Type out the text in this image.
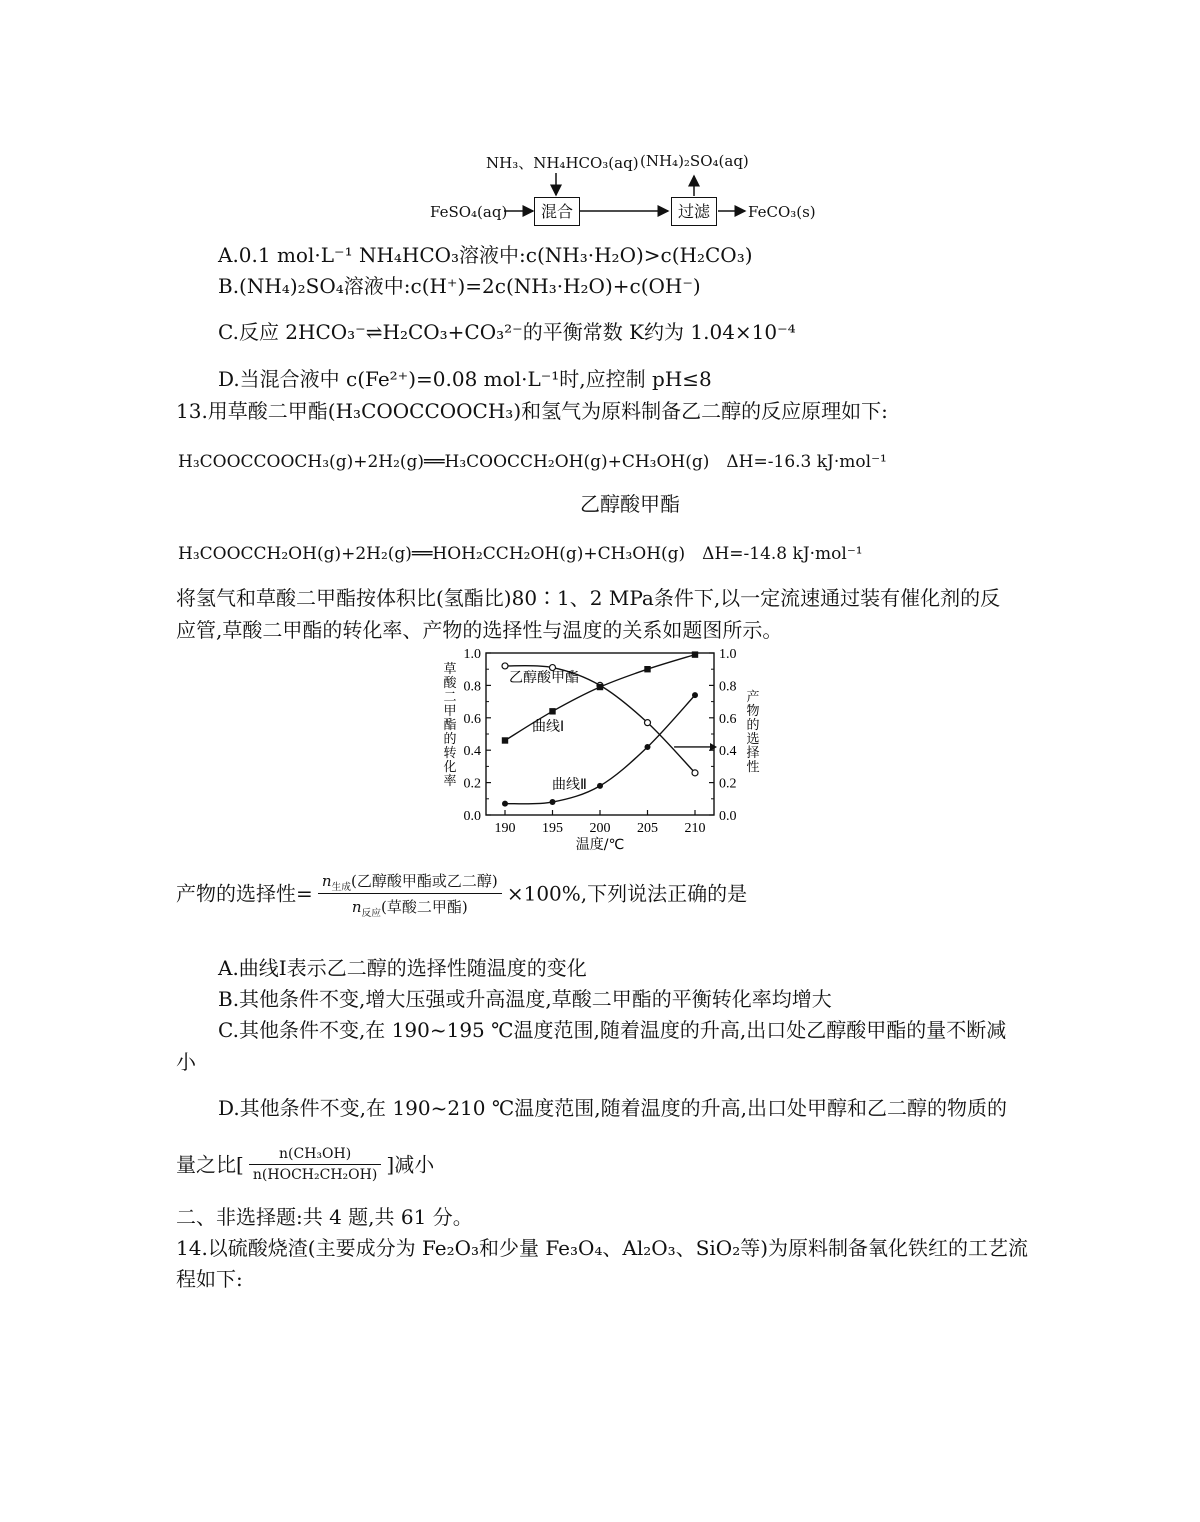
NH₃、NH₄HCO₃(aq) (NH₄)₂SO₄(aq)
FeSO₄(aq)	混合	过滤	FeCO₃(s)
A.0.1 mol·L⁻¹ NH₄HCO₃溶液中:c(NH₃·H₂O)>c(H₂CO₃)
B.(NH₄)₂SO₄溶液中:c(H⁺)=2c(NH₃·H₂O)+c(OH⁻)
C.反应 2HCO₃⁻⇌H₂CO₃+CO₃²⁻的平衡常数 K约为 1.04×10⁻⁴
D.当混合液中 c(Fe²⁺)=0.08 mol·L⁻¹时,应控制 pH≤8
13.用草酸二甲酯(H₃COOCCOOCH₃)和氢气为原料制备乙二醇的反应原理如下:
H₃COOCCOOCH₃(g)+2H₂(g)══H₃COOCCH₂OH(g)+CH₃OH(g)　ΔH=-16.3 kJ·mol⁻¹
乙醇酸甲酯
H₃COOCCH₂OH(g)+2H₂(g)══HOH₂CCH₂OH(g)+CH₃OH(g)　ΔH=-14.8 kJ·mol⁻¹
将氢气和草酸二甲酯按体积比(氢酯比)80∶1、2 MPa条件下,以一定流速通过装有催化剂的反
应管,草酸二甲酯的转化率、产物的选择性与温度的关系如题图所示。
0.0	0.0
0.2	0.2
0.4	0.4
0.6	0.6
0.8	0.8
1.0	1.0
190 195 200 205 210
温度/℃
草
酸
二
甲
酯
的
转
化
率
产
物
的
选
择
性
乙醇酸甲酯
曲线Ⅰ
曲线Ⅱ
产物的选择性= $\frac{n_{生成}(乙醇酸甲酯或乙二醇)}{n_{反应}(草酸二甲酯)} \times 100\%$,下列说法正确的是
A.曲线Ⅰ表示乙二醇的选择性随温度的变化
B.其他条件不变,增大压强或升高温度,草酸二甲酯的平衡转化率均增大
C.其他条件不变,在 190~195 ℃温度范围,随着温度的升高,出口处乙醇酸甲酯的量不断减
小
D.其他条件不变,在 190~210 ℃温度范围,随着温度的升高,出口处甲醇和乙二醇的物质的
量之比[ $\frac{\text{n(CH₃OH)}}{\text{n(HOCH₂CH₂OH)}}$ ]减小
二、非选择题:共 4 题,共 61 分。
14.以硫酸烧渣(主要成分为 Fe₂O₃和少量 Fe₃O₄、Al₂O₃、SiO₂等)为原料制备氧化铁红的工艺流
程如下:
